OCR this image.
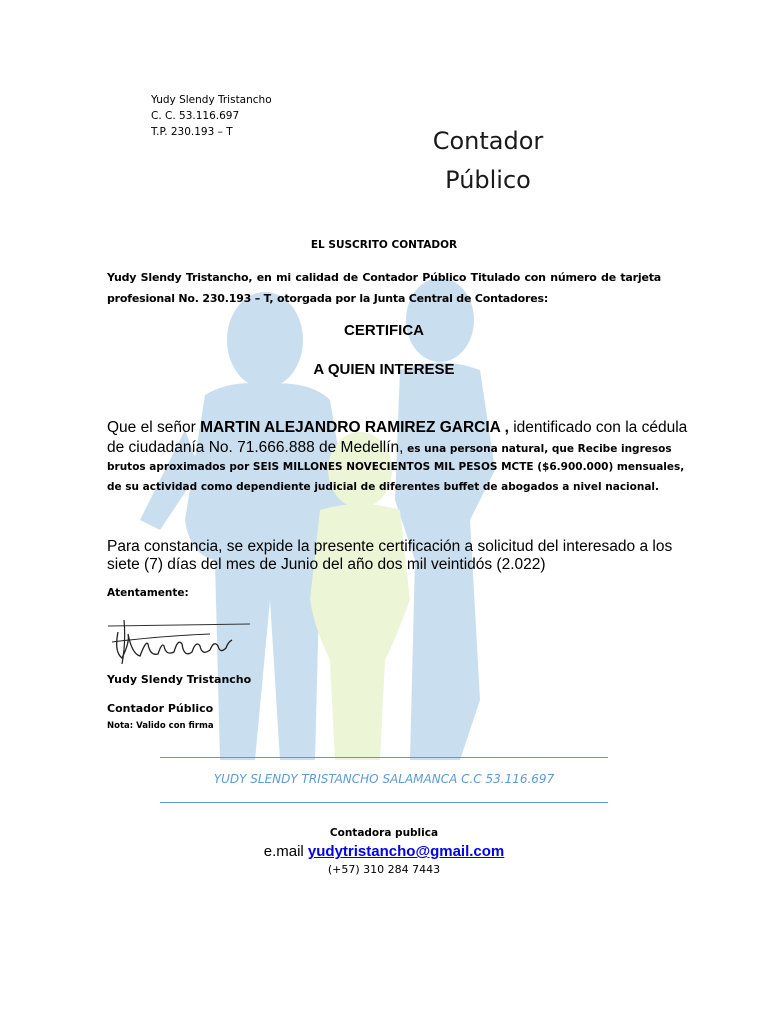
Yudy Slendy Tristancho
C. C. 53.116.697
T.P. 230.193 – T	Contador
Público
EL SUSCRITO CONTADOR
Yudy Slendy Tristancho, en mi calidad de Contador Público Titulado con número de tarjeta profesional No. 230.193 – T, otorgada por la Junta Central de Contadores:
CERTIFICA
A QUIEN INTERESE
Que el señor MARTIN ALEJANDRO RAMIREZ GARCIA , identificado con la cédula
de ciudadanía No. 71.666.888 de Medellín, es una persona natural, que Recibe ingresos
brutos aproximados por SEIS MILLONES NOVECIENTOS MIL PESOS MCTE ($6.900.000) mensuales,
de su actividad como dependiente judicial de diferentes buffet de abogados a nivel nacional.
Para constancia, se expide la presente certificación a solicitud del interesado a los
siete (7) días del mes de Junio del año dos mil veintidós (2.022)
Atentamente:
Yudy Slendy Tristancho
Contador Público
Nota: Valido con firma
YUDY SLENDY TRISTANCHO SALAMANCA C.C 53.116.697
Contadora publica
e.mail yudytristancho@gmail.com
(+57) 310 284 7443
